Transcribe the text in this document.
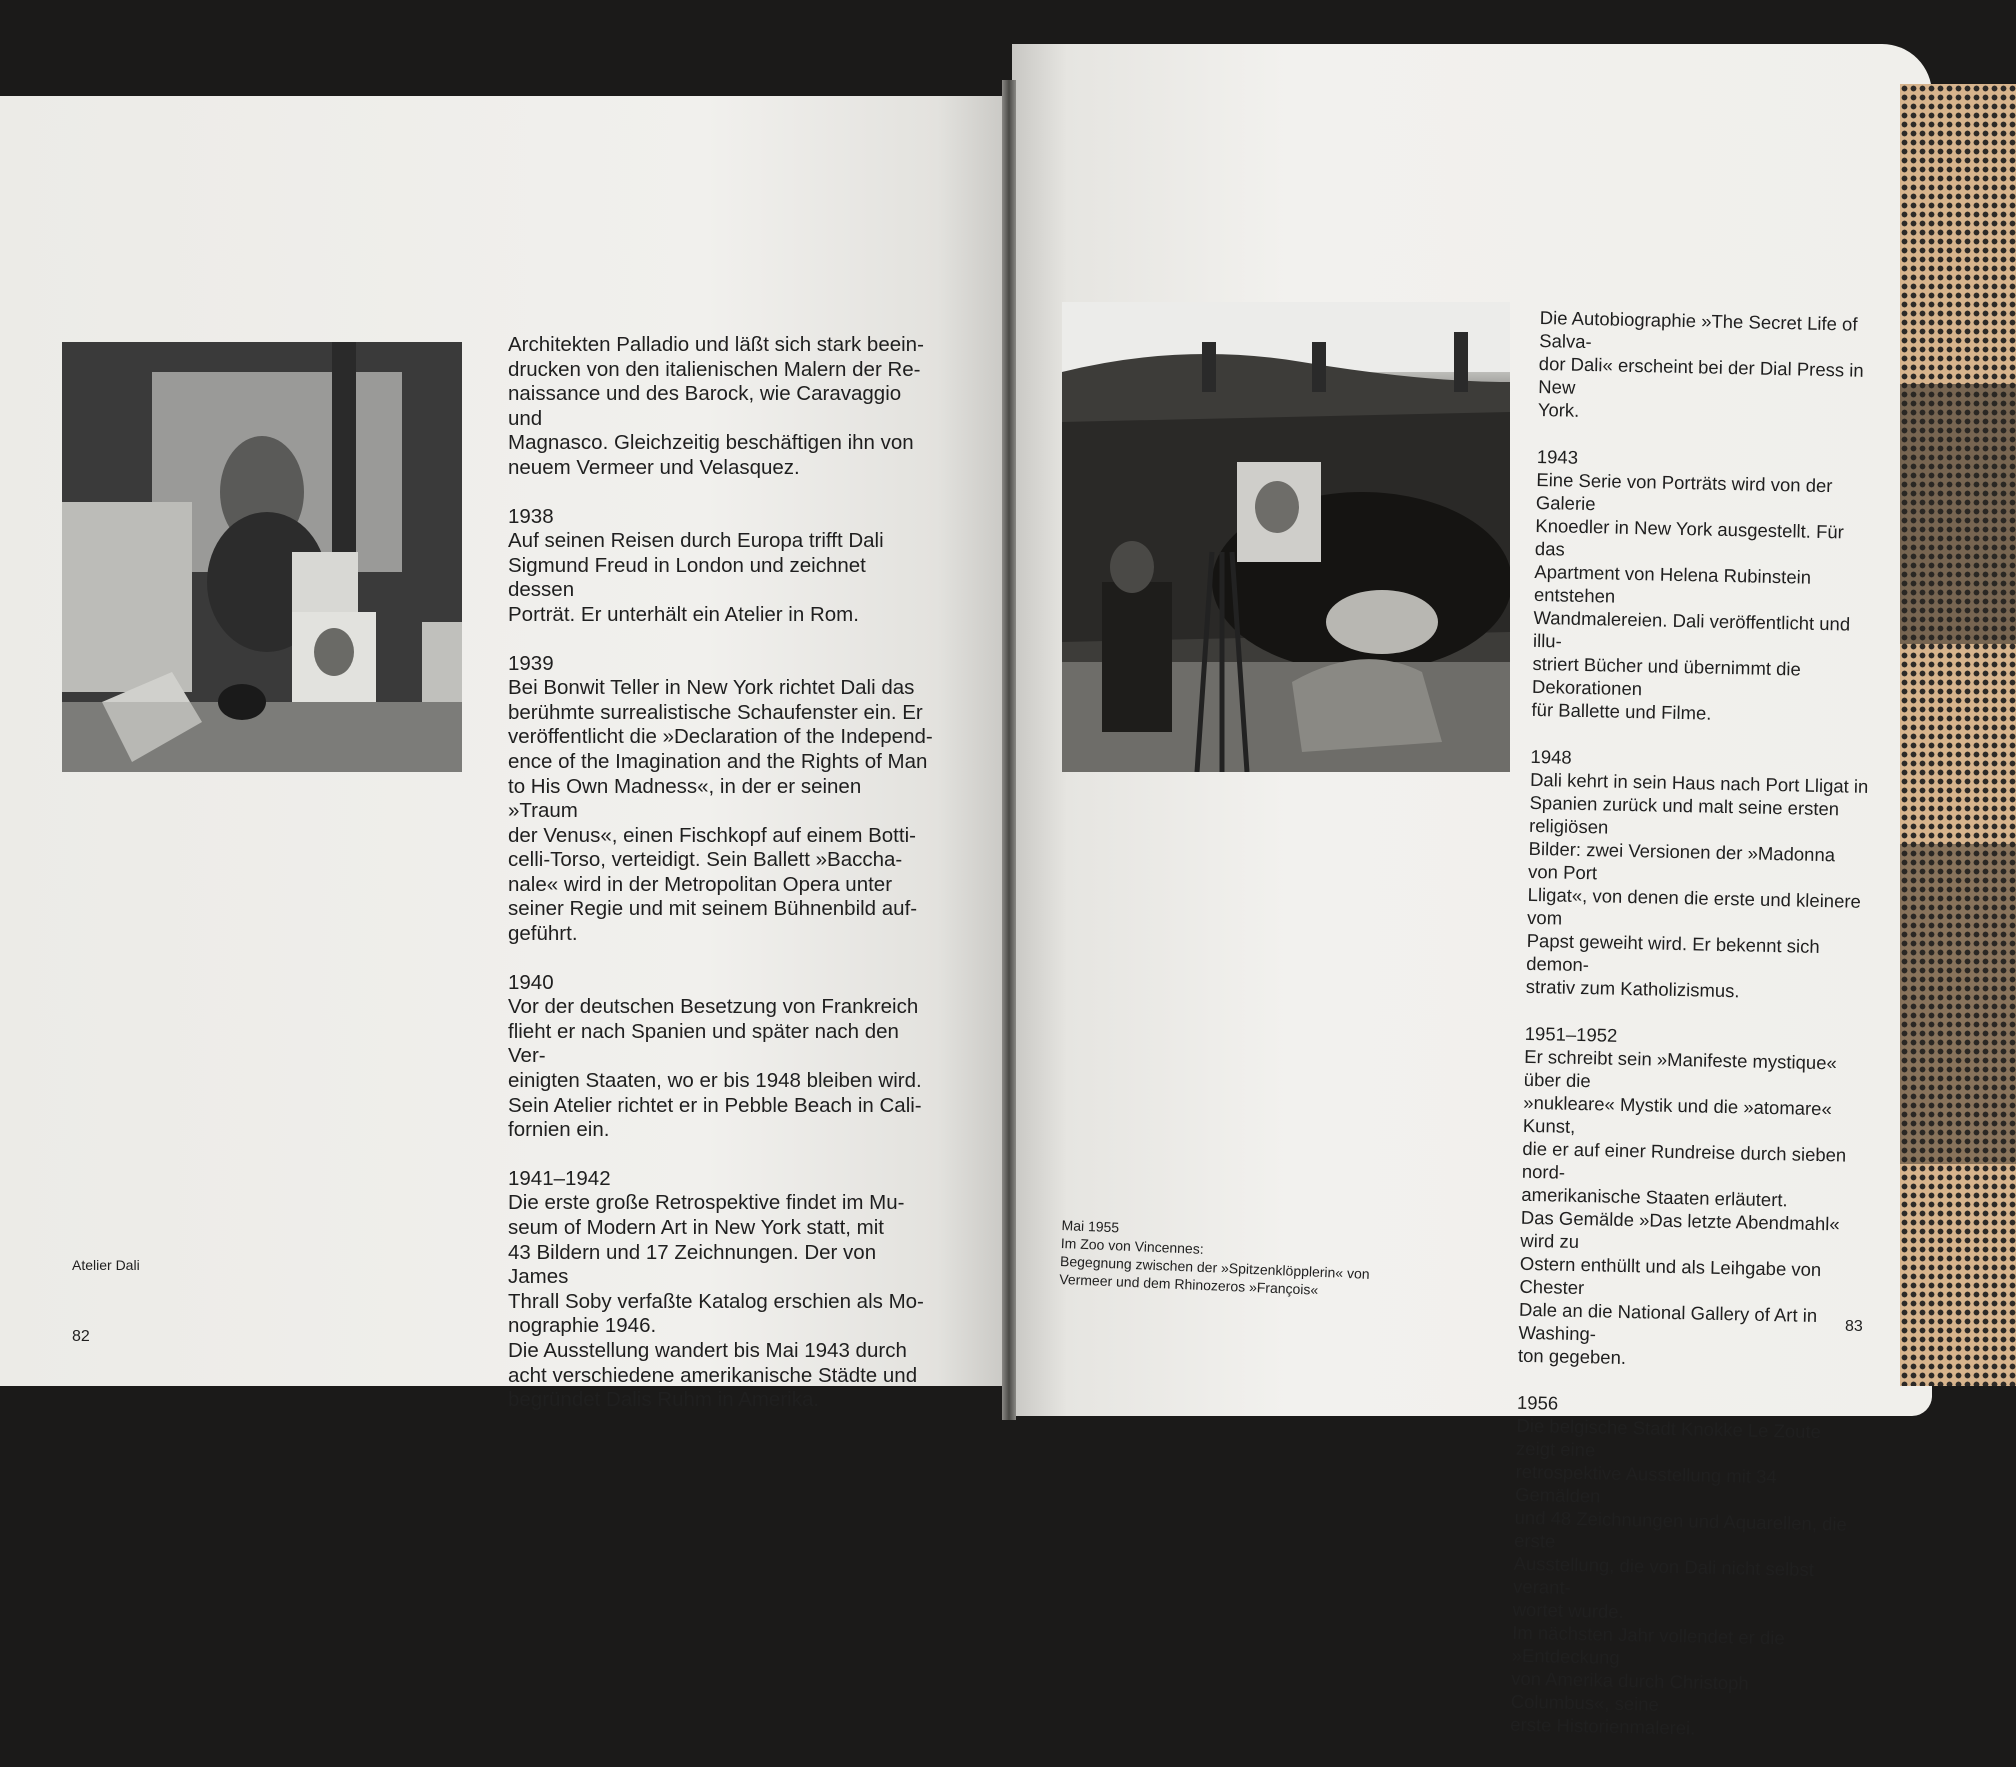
Architekten Palladio und läßt sich stark beein-
drucken von den italienischen Malern der Re-
naissance und des Barock, wie Caravaggio und
Magnasco. Gleichzeitig beschäftigen ihn von
neuem Vermeer und Velasquez.

1938
Auf seinen Reisen durch Europa trifft Dali
Sigmund Freud in London und zeichnet dessen
Porträt. Er unterhält ein Atelier in Rom.

1939
Bei Bonwit Teller in New York richtet Dali das
berühmte surrealistische Schaufenster ein. Er
veröffentlicht die »Declaration of the Independ-
ence of the Imagination and the Rights of Man
to His Own Madness«, in der er seinen »Traum
der Venus«, einen Fischkopf auf einem Botti-
celli-Torso, verteidigt. Sein Ballett »Baccha-
nale« wird in der Metropolitan Opera unter
seiner Regie und mit seinem Bühnenbild auf-
geführt.

1940
Vor der deutschen Besetzung von Frankreich
flieht er nach Spanien und später nach den Ver-
einigten Staaten, wo er bis 1948 bleiben wird.
Sein Atelier richtet er in Pebble Beach in Cali-
fornien ein.

1941–1942
Die erste große Retrospektive findet im Mu-
seum of Modern Art in New York statt, mit
43 Bildern und 17 Zeichnungen. Der von James
Thrall Soby verfaßte Katalog erschien als Mo-
nographie 1946.
Die Ausstellung wandert bis Mai 1943 durch
acht verschiedene amerikanische Städte und
begründet Dalis Ruhm in Amerika.

Die Autobiographie »The Secret Life of Salva-
dor Dali« erscheint bei der Dial Press in New
York.

1943
Eine Serie von Porträts wird von der Galerie
Knoedler in New York ausgestellt. Für das
Apartment von Helena Rubinstein entstehen
Wandmalereien. Dali veröffentlicht und illu-
striert Bücher und übernimmt die Dekorationen
für Ballette und Filme.

1948
Dali kehrt in sein Haus nach Port Lligat in
Spanien zurück und malt seine ersten religiösen
Bilder: zwei Versionen der »Madonna von Port
Lligat«, von denen die erste und kleinere vom
Papst geweiht wird. Er bekennt sich demon-
strativ zum Katholizismus.

1951–1952
Er schreibt sein »Manifeste mystique« über die
»nukleare« Mystik und die »atomare« Kunst,
die er auf einer Rundreise durch sieben nord-
amerikanische Staaten erläutert.
Das Gemälde »Das letzte Abendmahl« wird zu
Ostern enthüllt und als Leihgabe von Chester
Dale an die National Gallery of Art in Washing-
ton gegeben.

1956
Die belgische Stadt Knokke Le Zoute zeigt eine
retrospektive Ausstellung mit 34 Gemälden
und 48 Zeichnungen und Aquarellen, die erste
Ausstellung, die von Dali nicht selbst verant-
wortet wurde.
Im nächsten Jahr vollendet er die »Entdeckung
von Amerika durch Christoph Columbus«, seine
erste Historienmalerei.

Atelier Dali
Mai 1955
Im Zoo von Vincennes:
Begegnung zwischen der »Spitzenklöpplerin« von
Vermeer und dem Rhinozeros »François«
82
83
